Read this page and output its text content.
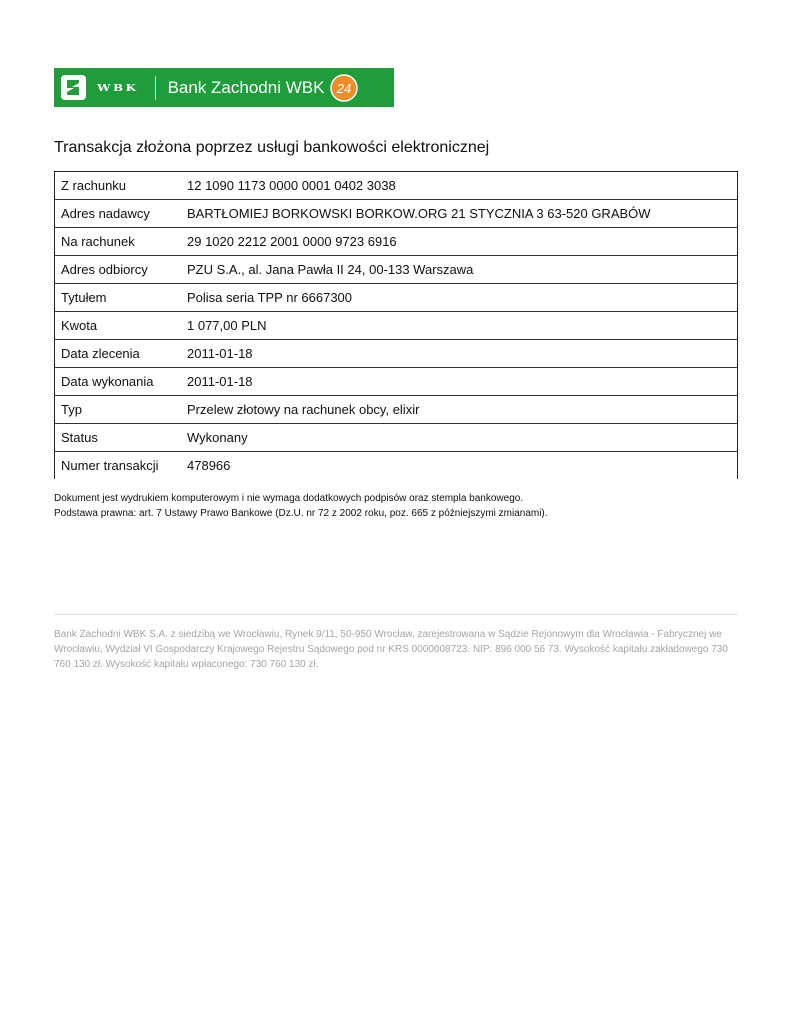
WBK Bank Zachodni WBK 24
Transakcja złożona poprzez usługi bankowości elektronicznej
Z rachunku	12 1090 1173 0000 0001 0402 3038
Adres nadawcy	BARTŁOMIEJ BORKOWSKI BORKOW.ORG 21 STYCZNIA 3 63-520 GRABÓW
Na rachunek	29 1020 2212 2001 0000 9723 6916
Adres odbiorcy	PZU S.A., al. Jana Pawła II 24, 00-133 Warszawa
Tytułem	Polisa seria TPP nr 6667300
Kwota	1 077,00 PLN
Data zlecenia	2011-01-18
Data wykonania	2011-01-18
Typ	Przelew złotowy na rachunek obcy, elixir
Status	Wykonany
Numer transakcji	478966
Dokument jest wydrukiem komputerowym i nie wymaga dodatkowych podpisów oraz stempla bankowego.
Podstawa prawna: art. 7 Ustawy Prawo Bankowe (Dz.U. nr 72 z 2002 roku, poz. 665 z późniejszymi zmianami).
Bank Zachodni WBK S.A. z siedzibą we Wrocławiu, Rynek 9/11, 50-950 Wrocław, zarejestrowana w Sądzie Rejonowym dla Wrocławia - Fabrycznej we Wrocławiu, Wydział VI Gospodarczy Krajowego Rejestru Sądowego pod nr KRS 0000008723. NIP: 896 000 56 73. Wysokość kapitału zakładowego 730 760 130 zł. Wysokość kapitału wpłaconego: 730 760 130 zł.
